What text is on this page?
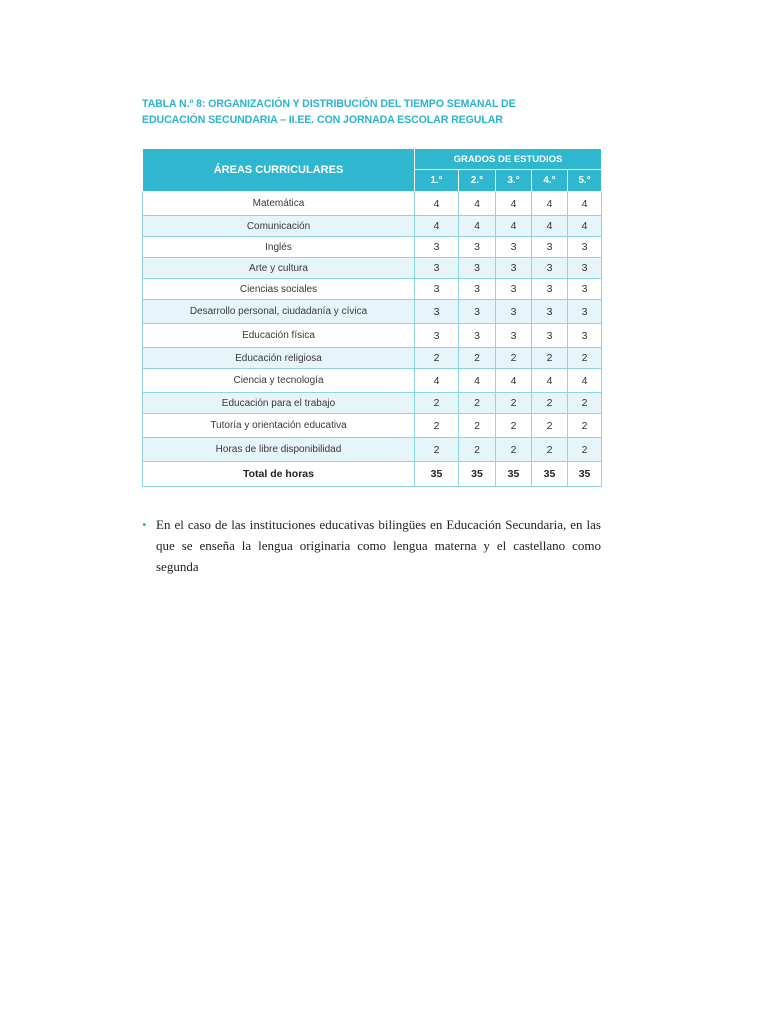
TABLA N.º 8: ORGANIZACIÓN Y DISTRIBUCIÓN DEL TIEMPO SEMANAL DE
EDUCACIÓN SECUNDARIA – II.EE. CON JORNADA ESCOLAR REGULAR
ÁREAS CURRICULARES	GRADOS DE ESTUDIOS				
	1.°	2.°	3.°	4.°	5.°
Matemática	4	4	4	4	4
Comunicación	4	4	4	4	4
Inglés	3	3	3	3	3
Arte y cultura	3	3	3	3	3
Ciencias sociales	3	3	3	3	3
Desarrollo personal, ciudadanía y cívica	3	3	3	3	3
Educación física	3	3	3	3	3
Educación religiosa	2	2	2	2	2
Ciencia y tecnología	4	4	4	4	4
Educación para el trabajo	2	2	2	2	2
Tutoría y orientación educativa	2	2	2	2	2
Horas de libre disponibilidad	2	2	2	2	2
Total de horas	35	35	35	35	35
• En el caso de las instituciones educativas bilingües en Educación Secundaria, en las
que se enseña la lengua originaria como lengua materna y el castellano como segunda
